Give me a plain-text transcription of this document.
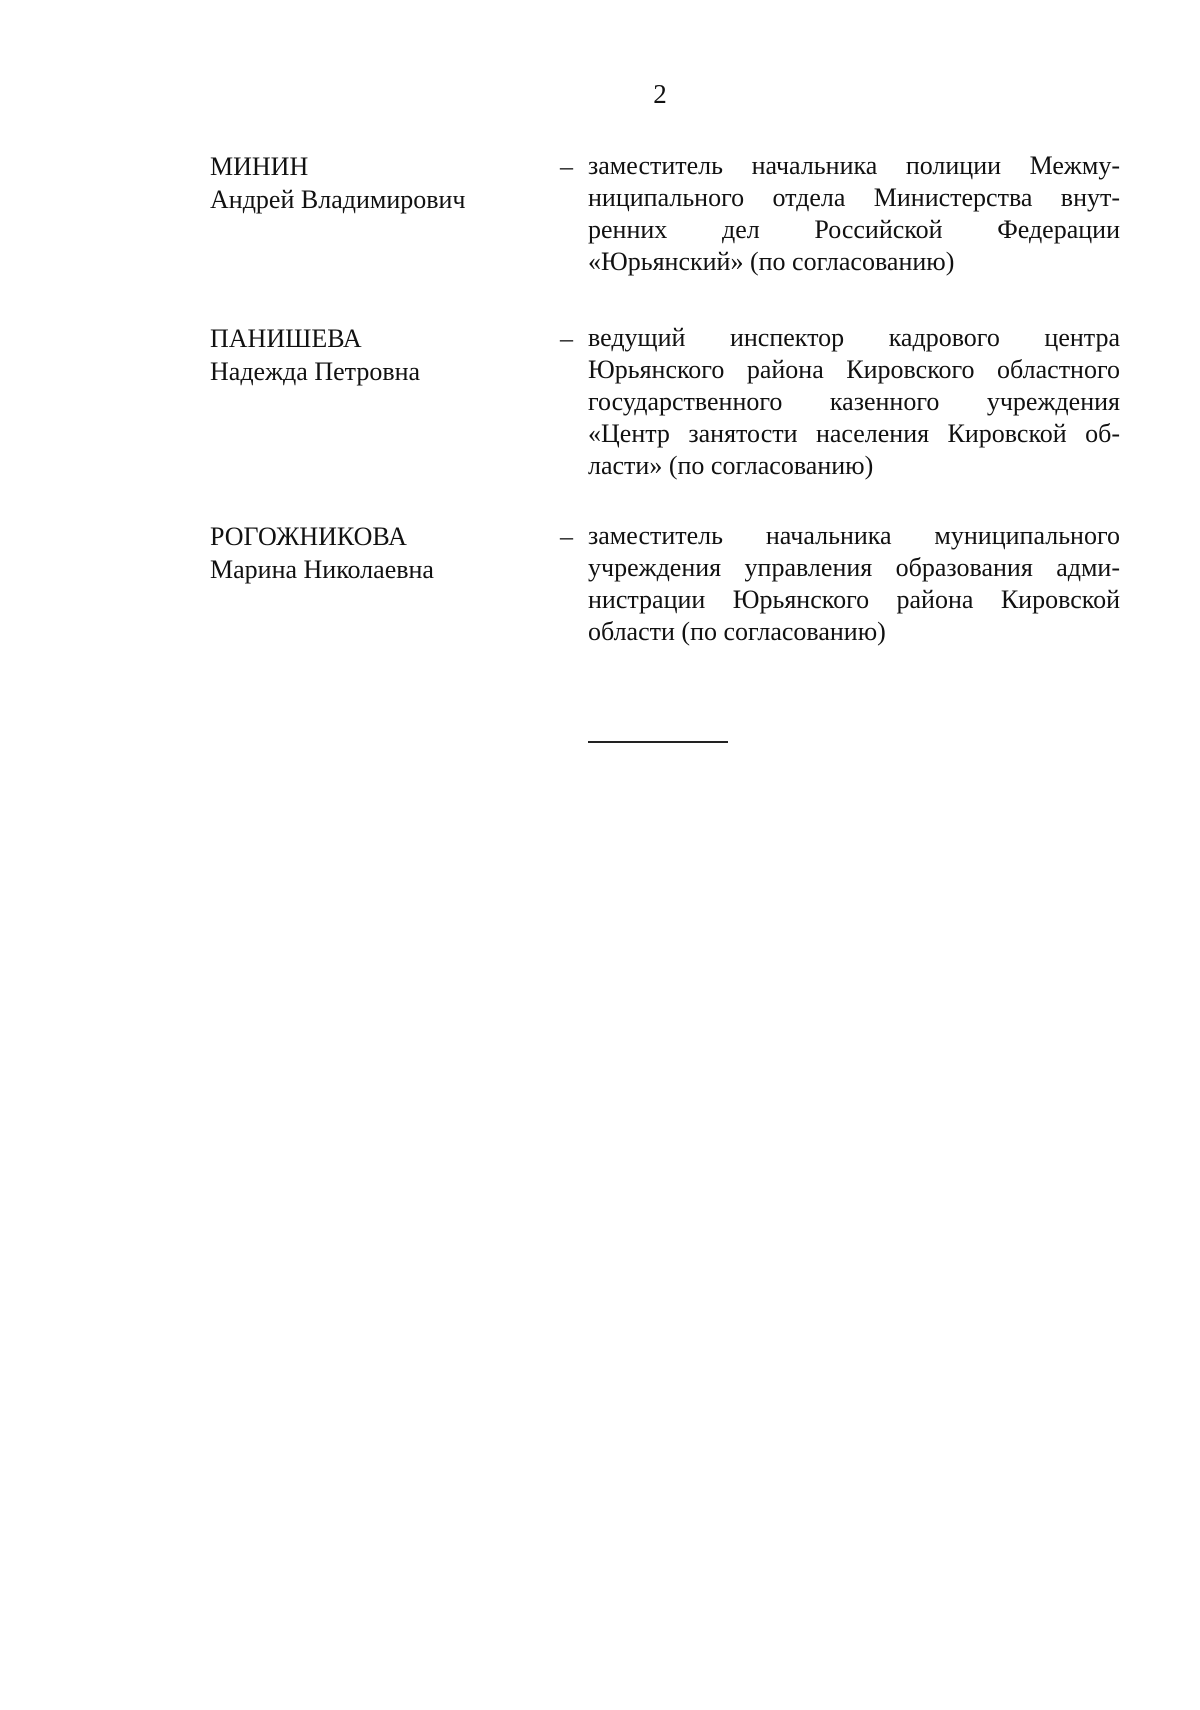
2
МИНИН
Андрей Владимирович
– заместитель начальника полиции Межму-
ниципального отдела Министерства внут-
ренних дел Российской Федерации
«Юрьянский» (по согласованию)
ПАНИШЕВА
Надежда Петровна
– ведущий инспектор кадрового центра
Юрьянского района Кировского областного
государственного казенного учреждения
«Центр занятости населения Кировской об-
ласти» (по согласованию)
РОГОЖНИКОВА
Марина Николаевна
– заместитель начальника муниципального
учреждения управления образования адми-
нистрации Юрьянского района Кировской
области (по согласованию)
